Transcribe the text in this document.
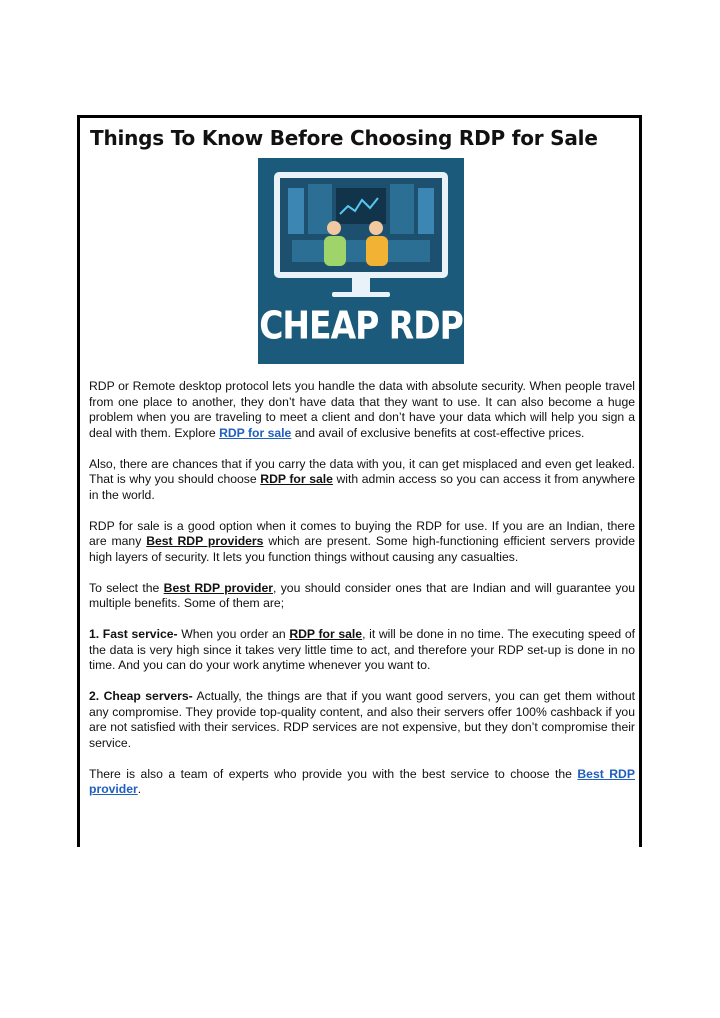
Things To Know Before Choosing RDP for Sale
CHEAP RDP

RDP or Remote desktop protocol lets you handle the data with absolute security. When people travel from one place to another, they don’t have data that they want to use. It can also become a huge problem when you are traveling to meet a client and don’t have your data which will help you sign a deal with them. Explore RDP for sale and avail of exclusive benefits at cost-effective prices.

Also, there are chances that if you carry the data with you, it can get misplaced and even get leaked. That is why you should choose RDP for sale with admin access so you can access it from anywhere in the world.

RDP for sale is a good option when it comes to buying the RDP for use. If you are an Indian, there are many Best RDP providers which are present. Some high-functioning efficient servers provide high layers of security. It lets you function things without causing any casualties.

To select the Best RDP provider, you should consider ones that are Indian and will guarantee you multiple benefits. Some of them are;

1. Fast service- When you order an RDP for sale, it will be done in no time. The executing speed of the data is very high since it takes very little time to act, and therefore your RDP set-up is done in no time. And you can do your work anytime whenever you want to.

2. Cheap servers- Actually, the things are that if you want good servers, you can get them without any compromise. They provide top-quality content, and also their servers offer 100% cashback if you are not satisfied with their services. RDP services are not expensive, but they don’t compromise their service.

There is also a team of experts who provide you with the best service to choose the Best RDP provider.
